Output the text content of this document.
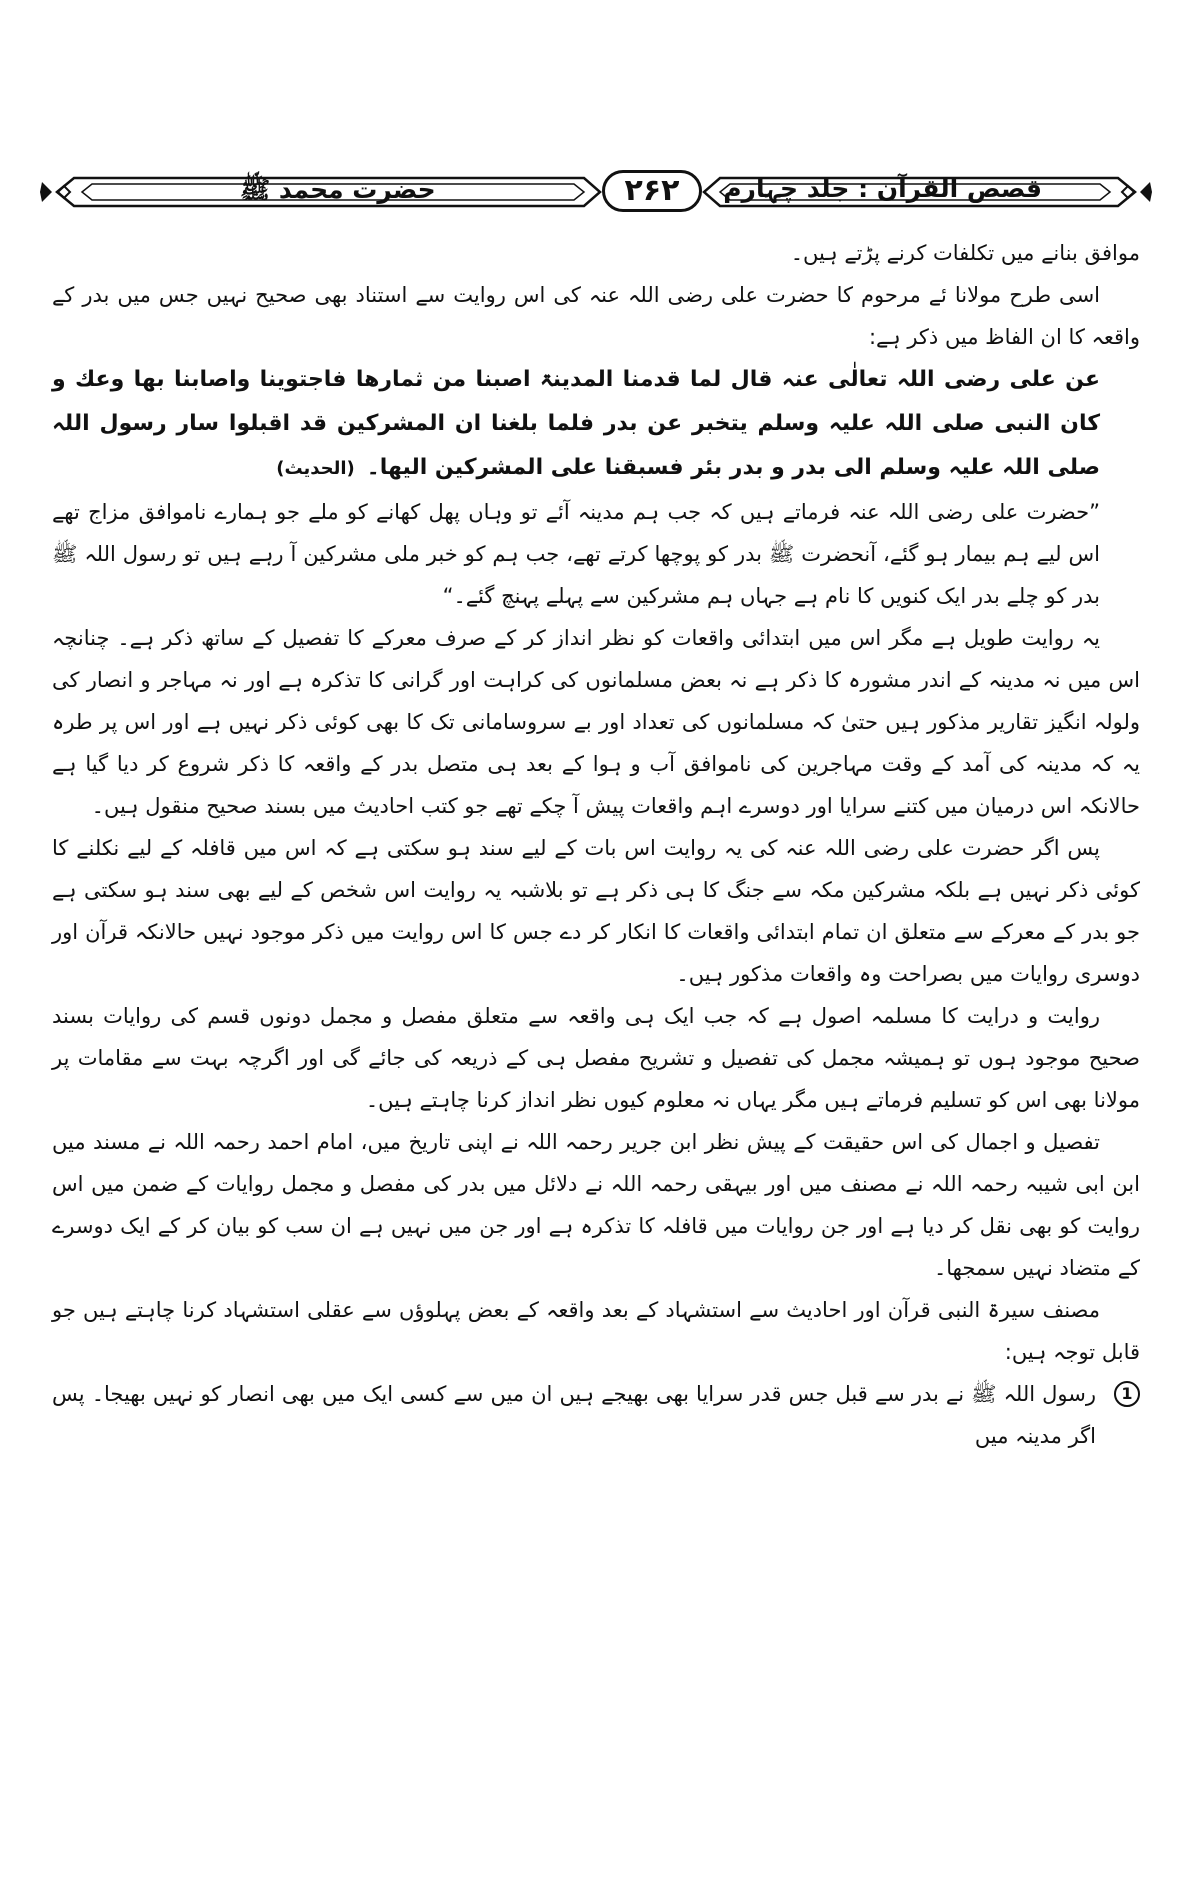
قصص القرآن : جلد چہارم
۲۶۲
حضرت محمد ﷺ

موافق بنانے میں تکلفات کرنے پڑتے ہیں۔

اسی طرح مولانا ئے مرحوم کا حضرت علی رضی اللہ عنہ کی اس روایت سے استناد بھی صحیح نہیں جس میں بدر کے واقعہ کا ان الفاظ میں ذکر ہے:

عن علی رضی اللہ تعالٰی عنہ قال لما قدمنا المدینۃ اصبنا من ثمارھا فاجتوینا واصابنا بھا وعك و كان النبی صلی اللہ علیہ وسلم یتخبر عن بدر فلما بلغنا ان المشركین قد اقبلوا سار رسول اللہ صلی اللہ علیہ وسلم الی بدر و بدر بئر فسبقنا علی المشركین الیھا۔(الحدیث)

”حضرت علی رضی اللہ عنہ فرماتے ہیں کہ جب ہم مدینہ آئے تو وہاں پھل کھانے کو ملے جو ہمارے ناموافق مزاج تھے اس لیے ہم بیمار ہو گئے، آنحضرت ﷺ بدر کو پوچھا کرتے تھے، جب ہم کو خبر ملی مشرکین آ رہے ہیں تو رسول اللہ ﷺ بدر کو چلے بدر ایک کنویں کا نام ہے جہاں ہم مشرکین سے پہلے پہنچ گئے۔“

یہ روایت طویل ہے مگر اس میں ابتدائی واقعات کو نظر انداز کر کے صرف معرکے کا تفصیل کے ساتھ ذکر ہے۔ چنانچہ اس میں نہ مدینہ کے اندر مشورہ کا ذکر ہے نہ بعض مسلمانوں کی کراہت اور گرانی کا تذکرہ ہے اور نہ مہاجر و انصار کی ولولہ انگیز تقاریر مذکور ہیں حتیٰ کہ مسلمانوں کی تعداد اور بے سروسامانی تک کا بھی کوئی ذکر نہیں ہے اور اس پر طرہ یہ کہ مدینہ کی آمد کے وقت مہاجرین کی ناموافق آب و ہوا کے بعد ہی متصل بدر کے واقعہ کا ذکر شروع کر دیا گیا ہے حالانکہ اس درمیان میں کتنے سرایا اور دوسرے اہم واقعات پیش آ چکے تھے جو کتب احادیث میں بسند صحیح منقول ہیں۔

پس اگر حضرت علی رضی اللہ عنہ کی یہ روایت اس بات کے لیے سند ہو سکتی ہے کہ اس میں قافلہ کے لیے نکلنے کا کوئی ذکر نہیں ہے بلکہ مشرکین مکہ سے جنگ کا ہی ذکر ہے تو بلاشبہ یہ روایت اس شخص کے لیے بھی سند ہو سکتی ہے جو بدر کے معرکے سے متعلق ان تمام ابتدائی واقعات کا انکار کر دے جس کا اس روایت میں ذکر موجود نہیں حالانکہ قرآن اور دوسری روایات میں بصراحت وہ واقعات مذکور ہیں۔

روایت و درایت کا مسلمہ اصول ہے کہ جب ایک ہی واقعہ سے متعلق مفصل و مجمل دونوں قسم کی روایات بسند صحیح موجود ہوں تو ہمیشہ مجمل کی تفصیل و تشریح مفصل ہی کے ذریعہ کی جائے گی اور اگرچہ بہت سے مقامات پر مولانا بھی اس کو تسلیم فرماتے ہیں مگر یہاں نہ معلوم کیوں نظر انداز کرنا چاہتے ہیں۔

تفصیل و اجمال کی اس حقیقت کے پیش نظر ابن جریر رحمہ اللہ نے اپنی تاریخ میں، امام احمد رحمہ اللہ نے مسند میں ابن ابی شیبہ رحمہ اللہ نے مصنف میں اور بیہقی رحمہ اللہ نے دلائل میں بدر کی مفصل و مجمل روایات کے ضمن میں اس روایت کو بھی نقل کر دیا ہے اور جن روایات میں قافلہ کا تذکرہ ہے اور جن میں نہیں ہے ان سب کو بیان کر کے ایک دوسرے کے متضاد نہیں سمجھا۔

مصنف سیرۃ النبی قرآن اور احادیث سے استشہاد کے بعد واقعہ کے بعض پہلوؤں سے عقلی استشہاد کرنا چاہتے ہیں جو قابل توجہ ہیں:

1
رسول اللہ ﷺ نے بدر سے قبل جس قدر سرایا بھی بھیجے ہیں ان میں سے کسی ایک میں بھی انصار کو نہیں بھیجا۔ پس اگر مدینہ میں
